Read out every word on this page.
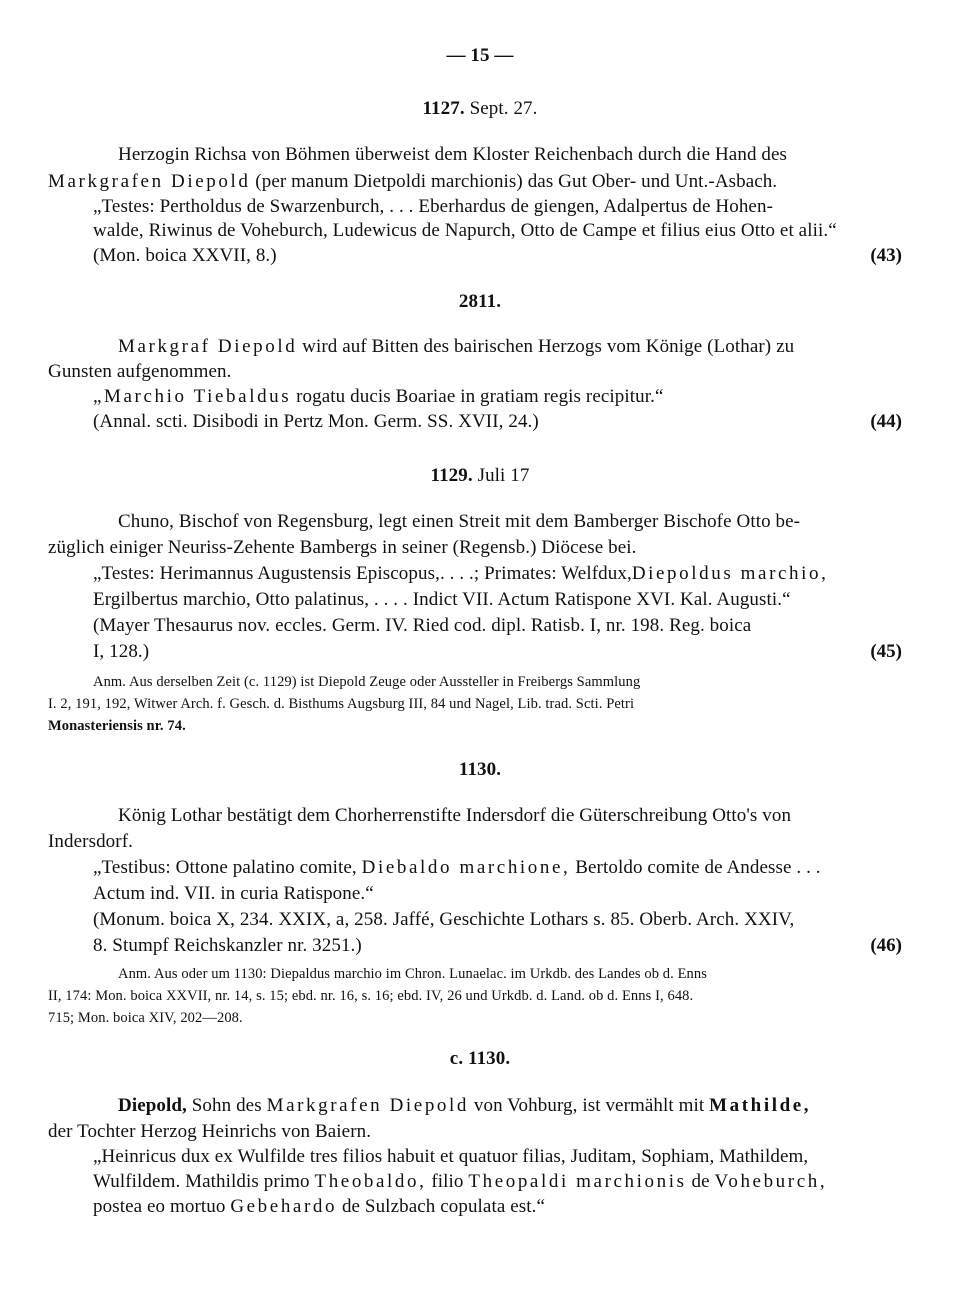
— 15 —
1127. Sept. 27.
Herzogin Richsa von Böhmen überweist dem Kloster Reichenbach durch die Hand des
Markgrafen Diepold (per manum Dietpoldi marchionis) das Gut Ober- und Unt.-Asbach.
„Testes: Pertholdus de Swarzenburch, . . . Eberhardus de giengen, Adalpertus de Hohen-
walde, Riwinus de Voheburch, Ludewicus de Napurch, Otto de Campe et filius eius Otto et alii.“
(Mon. boica XXVII, 8.)	(43)
2811.
Markgraf Diepold wird auf Bitten des bairischen Herzogs vom Könige (Lothar) zu
Gunsten aufgenommen.
„Marchio Tiebaldus rogatu ducis Boariae in gratiam regis recipitur.“
(Annal. scti. Disibodi in Pertz Mon. Germ. SS. XVII, 24.)	(44)
1129. Juli 17
Chuno, Bischof von Regensburg, legt einen Streit mit dem Bamberger Bischofe Otto be-
züglich einiger Neuriss-Zehente Bambergs in seiner (Regensb.) Diöcese bei.
„Testes: Herimannus Augustensis Episcopus,. . . .; Primates: Welfdux,Diepoldus marchio,
Ergilbertus marchio, Otto palatinus, . . . . Indict VII. Actum Ratispone XVI. Kal. Augusti.“
(Mayer Thesaurus nov. eccles. Germ. IV. Ried cod. dipl. Ratisb. I, nr. 198. Reg. boica
I, 128.)	(45)
Anm. Aus derselben Zeit (c. 1129) ist Diepold Zeuge oder Aussteller in Freibergs Sammlung
I. 2, 191, 192, Witwer Arch. f. Gesch. d. Bisthums Augsburg III, 84 und Nagel, Lib. trad. Scti. Petri
Monasteriensis nr. 74.
1130.
König Lothar bestätigt dem Chorherrenstifte Indersdorf die Güterschreibung Otto's von
Indersdorf.
„Testibus: Ottone palatino comite, Diebaldo marchione, Bertoldo comite de Andesse . . .
Actum ind. VII. in curia Ratispone.“
(Monum. boica X, 234. XXIX, a, 258. Jaffé, Geschichte Lothars s. 85. Oberb. Arch. XXIV,
8. Stumpf Reichskanzler nr. 3251.)	(46)
Anm. Aus oder um 1130: Diepaldus marchio im Chron. Lunaelac. im Urkdb. des Landes ob d. Enns
II, 174: Mon. boica XXVII, nr. 14, s. 15; ebd. nr. 16, s. 16; ebd. IV, 26 und Urkdb. d. Land. ob d. Enns I, 648.
715; Mon. boica XIV, 202—208.
c. 1130.
Diepold, Sohn des Markgrafen Diepold von Vohburg, ist vermählt mit Mathilde,
der Tochter Herzog Heinrichs von Baiern.
„Heinricus dux ex Wulfilde tres filios habuit et quatuor filias, Juditam, Sophiam, Mathildem,
Wulfildem. Mathildis primo Theobaldo, filio Theopaldi marchionis de Voheburch,
postea eo mortuo Gebehardo de Sulzbach copulata est.“
